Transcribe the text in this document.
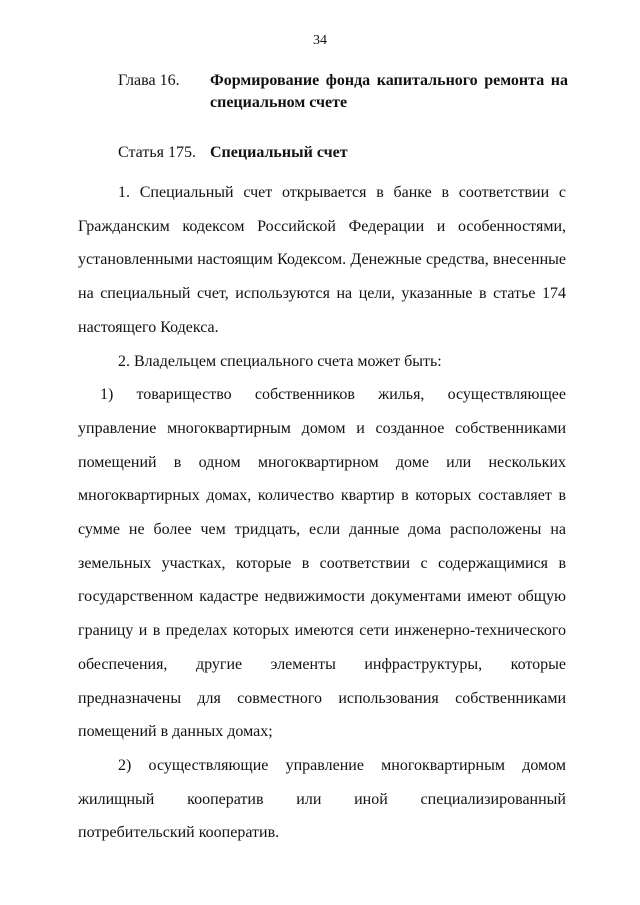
34
Глава 16. Формирование фонда капитального ремонта на специальном счете
Статья 175. Специальный счет

1. Специальный счет открывается в банке в соответствии с Гражданским кодексом Российской Федерации и особенностями, установленными настоящим Кодексом. Денежные средства, внесенные на специальный счет, используются на цели, указанные в статье 174 настоящего Кодекса.

2. Владельцем специального счета может быть:

1) товарищество собственников жилья, осуществляющее управление многоквартирным домом и созданное собственниками помещений в одном многоквартирном доме или нескольких многоквартирных домах, количество квартир в которых составляет в сумме не более чем тридцать, если данные дома расположены на земельных участках, которые в соответствии с содержащимися в государственном кадастре недвижимости документами имеют общую границу и в пределах которых имеются сети инженерно-технического обеспечения, другие элементы инфраструктуры, которые предназначены для совместного использования собственниками помещений в данных домах;

2) осуществляющие управление многоквартирным домом жилищный кооператив или иной специализированный потребительский кооператив.
